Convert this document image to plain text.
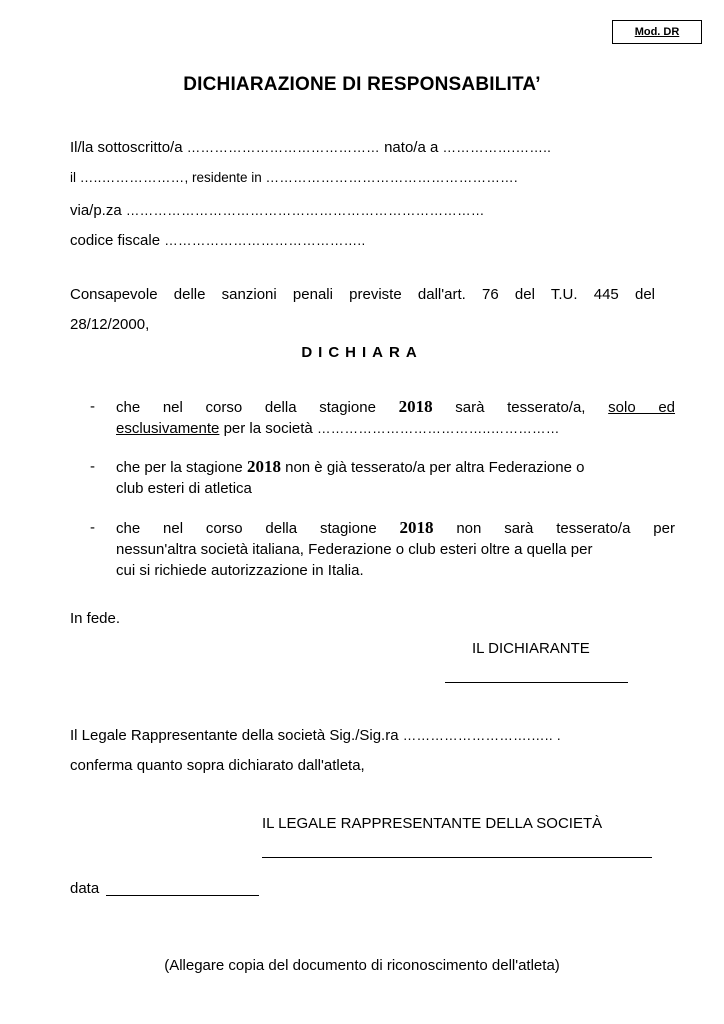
Mod. DR
DICHIARAZIONE DI RESPONSABILITA’
Il/la sottoscritto/a …………………………………… nato/a a …………….……..
il …..………………, residente in ……………………………………………….
via/p.za ……………………………………………………………………
codice fiscale ……………………………………..
Consapevole delle sanzioni penali previste dall'art. 76 del T.U. 445 del
28/12/2000,
DICHIARA
- che nel corso della stagione 2018 sarà tesserato/a, solo ed
esclusivamente per la società ………………………………..……………
- che per la stagione 2018 non è già tesserato/a per altra Federazione o
club esteri di atletica
- che nel corso della stagione 2018 non sarà tesserato/a per
nessun'altra società italiana, Federazione o club esteri oltre a quella per
cui si richiede autorizzazione in Italia.
In fede.
IL DICHIARANTE
Il Legale Rappresentante della società Sig./Sig.ra ……………………….….. .
conferma quanto sopra dichiarato dall'atleta,
IL LEGALE RAPPRESENTANTE DELLA SOCIETÀ
data
(Allegare copia del documento di riconoscimento dell'atleta)
